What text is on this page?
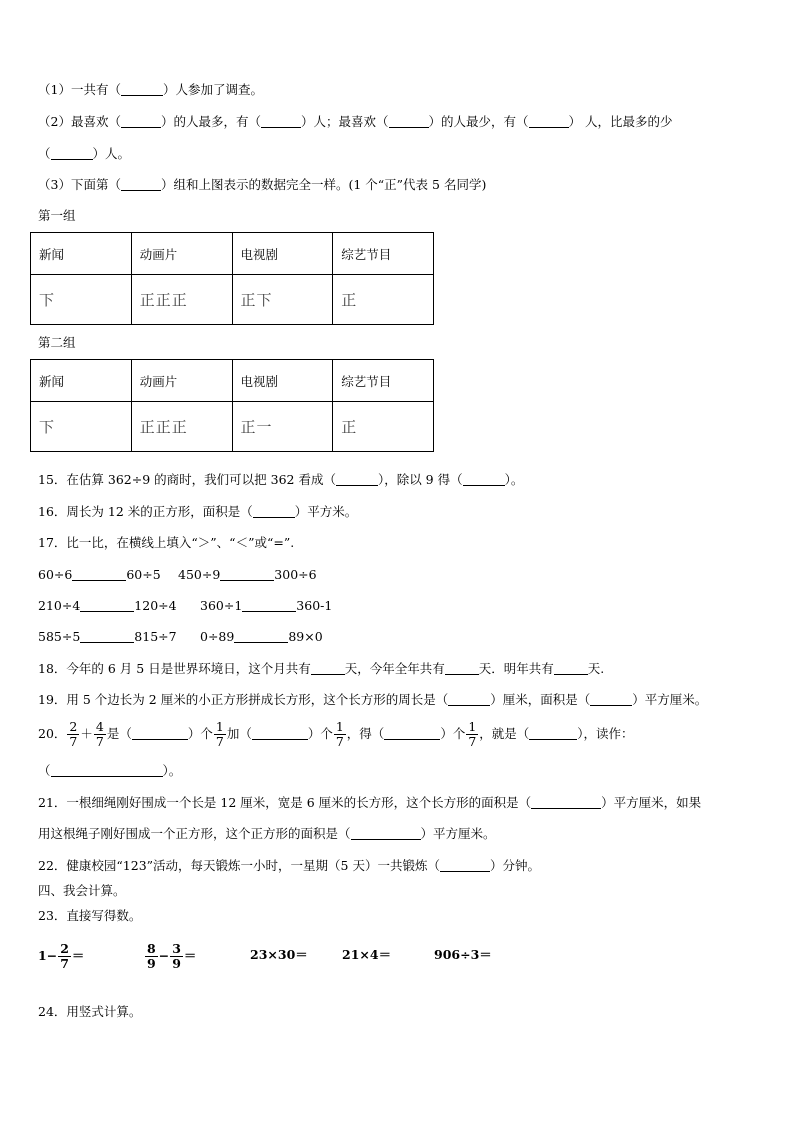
（1）一共有（	）人参加了调查。
（2）最喜欢（	）的人最多，有（	）人；最喜欢（	）的人最少，有（	） 人，比最多的少
（	）人。
（3）下面第（	）组和上图表示的数据完全一样。(1 个“正”代表 5 名同学)
第一组
新闻	动画片	电视剧	综艺节目
下	正正正	正下	正
第二组
新闻	动画片	电视剧	综艺节目
下	正正正	正一	正
15．在估算 362÷9 的商时，我们可以把 362 看成（	），除以 9 得（	）。
16．周长为 12 米的正方形，面积是（	）平方米。
17．比一比，在横线上填入“＞”、“＜”或“=”.
60÷6	60÷5 450÷9	300÷6
210÷4	120÷4 360÷1	360-1
585÷5	815÷7 0÷89	89×0
18．今年的 6 月 5 日是世界环境日，这个月共有	天，今年全年共有	天．明年共有	天.
19．用 5 个边长为 2 厘米的小正方形拼成长方形，这个长方形的周长是（	）厘米，面积是（	）平方厘米。
20． $\frac{2}{7} + \frac{4}{7}$ 是（	）个 $\frac{1}{7}$ 加（	）个 $\frac{1}{7}$ ，得（	）个 $\frac{1}{7}$ ，就是（	），读作：
（	）。
21．一根细绳刚好围成一个长是 12 厘米，宽是 6 厘米的长方形，这个长方形的面积是（	）平方厘米，如果
用这根绳子刚好围成一个正方形，这个正方形的面积是（	）平方厘米。
22．健康校园“123”活动，每天锻炼一小时，一星期（5 天）一共锻炼（	）分钟。
四、我会计算。
23．直接写得数。
$1- \frac{2}{7}$ ＝	$\frac{8}{9} - \frac{3}{9}$ ＝	23×30＝	21×4＝	906÷3＝
24．用竖式计算。
